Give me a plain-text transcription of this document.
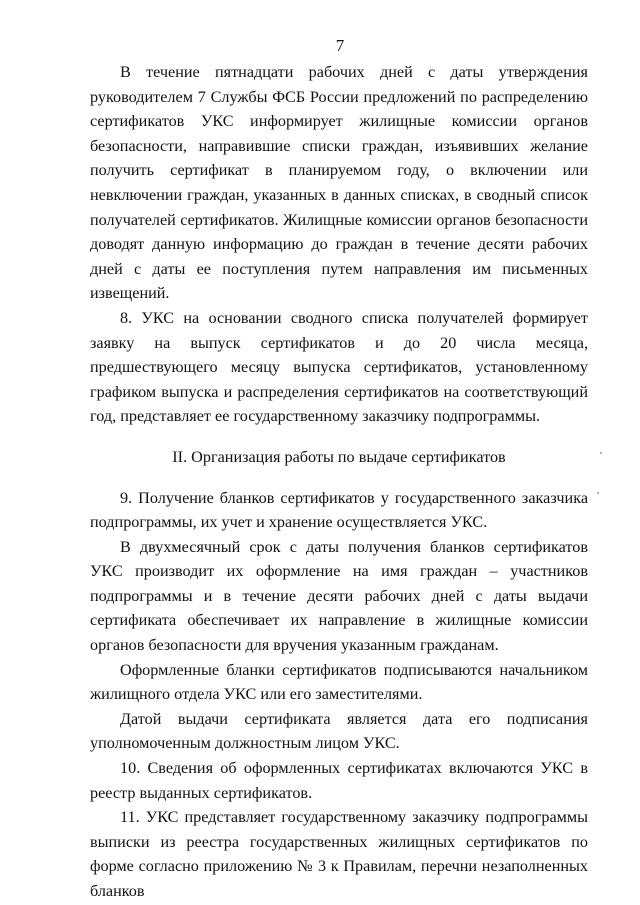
7

В течение пятнадцати рабочих дней с даты утверждения руководителем 7 Службы ФСБ России предложений по распределению сертификатов УКС информирует жилищные комиссии органов безопасности, направившие списки граждан, изъявивших желание получить сертификат в планируемом году, о включении или невключении граждан, указанных в данных списках, в сводный список получателей сертификатов. Жилищные комиссии органов безопасности доводят данную информацию до граждан в течение десяти рабочих дней с даты ее поступления путем направления им письменных извещений.

8. УКС на основании сводного списка получателей формирует заявку на выпуск сертификатов и до 20 числа месяца, предшествующего месяцу выпуска сертификатов, установленному графиком выпуска и распределения сертификатов на соответствующий год, представляет ее государственному заказчику подпрограммы.

II. Организация работы по выдаче сертификатов

9. Получение бланков сертификатов у государственного заказчика подпрограммы, их учет и хранение осуществляется УКС.

В двухмесячный срок с даты получения бланков сертификатов УКС производит их оформление на имя граждан – участников подпрограммы и в течение десяти рабочих дней с даты выдачи сертификата обеспечивает их направление в жилищные комиссии органов безопасности для вручения указанным гражданам.

Оформленные бланки сертификатов подписываются начальником жилищного отдела УКС или его заместителями.

Датой выдачи сертификата является дата его подписания уполномоченным должностным лицом УКС.

10. Сведения об оформленных сертификатах включаются УКС в реестр выданных сертификатов.

11. УКС представляет государственному заказчику подпрограммы выписки из реестра государственных жилищных сертификатов по форме согласно приложению № 3 к Правилам, перечни незаполненных бланков
